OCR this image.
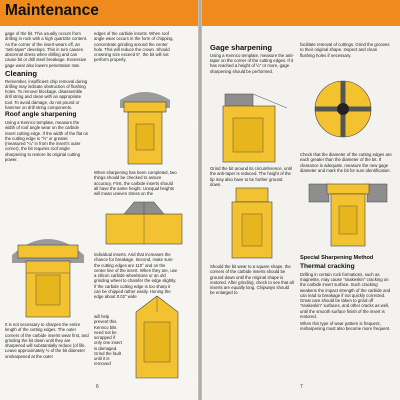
Maintenance

gage of the bit. This usually occurs from drilling in rock with a high quartzite content. As the corner of the insert wears off, an "anti-taper" develops. This in turn causes abnormal stress when drilling and can cause bit or drill steel breakage. Excessive gage wear also lowers penetration rate.

Cleaning

Remember, insufficient chip removal during drilling may indicate obstruction of flushing holes. To remove blockage, disassemble drill string and clean with an appropriate tool. To avoid damage, do not pound or hammer on drill string components.

Roof angle sharpening

Using a Kennco template, measure the width of roof angle wear on the carbide insert cutting edge. If the width of the flat on the cutting edge is "½" or greater, (measured "¼" in from the insert's outer corner), the bit requires roof angle sharpening to restore its original cutting power.

It is not necessary to sharpen the entire length of the cutting edges. The outer corners of the carbide inserts wear first, and grinding the bit down until they are sharpened will substantially reduce (of life. Leave approximately ½ of the bit diameter unsharpened at the outer

edges of the carbide inserts. When roof angle wear occurs in the form of chipping, concentrate grinding around the center hole. This will reduce the crown. Should crowning size exceed 5", the bit will not perform properly.

When sharpening has been completed, two things should be checked to assure accuracy. First, the carbide inserts should all have the same height. Unequal heights will mean uneven stress on the

individual inserts. And that increases the chance for breakage. Second, make sure the cutting edges are 110° and on the center line of the insert. When they are, use a silicon carbide wheelstone or an old grinding wheel to chamfer the edge slightly. If the carbide cutting edge is too sharp it can be chipped rather easily. Honing the edge about 0.02" wide

will help prevent this. Kennco bits need not be scrapped if only one insert is damaged. Grind the fault until it is removed

6
Gage sharpening

Using a Kennco template, measure the anti-taper on the corner of the cutting edges. If it has reached a height of ½" or more, gage sharpening should be performed.

Grind the bit around its circumference, until the anti-taper is reduced. The height of the tip may also have to be further ground down.

Should the bit wear to a square shape, the corners of the carbide inserts should be ground down until the original shape is restored. After grinding, check to see that all inserts are equally long. Chipways should be enlarged to

facilitate removal of cuttings. Grind the grooves to their original shape. Inspect and clean flushing holes if necessary.

Check that the diameter of the cutting edges are each greater than the diameter of the bit. If clearance is adequate, measure the new gage diameter and mark the bit for sure identification.

Special Sharpening Method
Thermal cracking

Drilling in certain rock formations, such as magnetite, may cause "snakeskin" cracking on the carbide insert surface. Such cracking weakens the impact strength of the carbide and can lead to breakage if not quickly corrected. Great care should be taken to grind off "snakeskin" surfaces, and other cracks as well, until the smooth surface finish of the insert is restored.

When this type of wear pattern is frequent, resharpening must also become more frequent.

7
